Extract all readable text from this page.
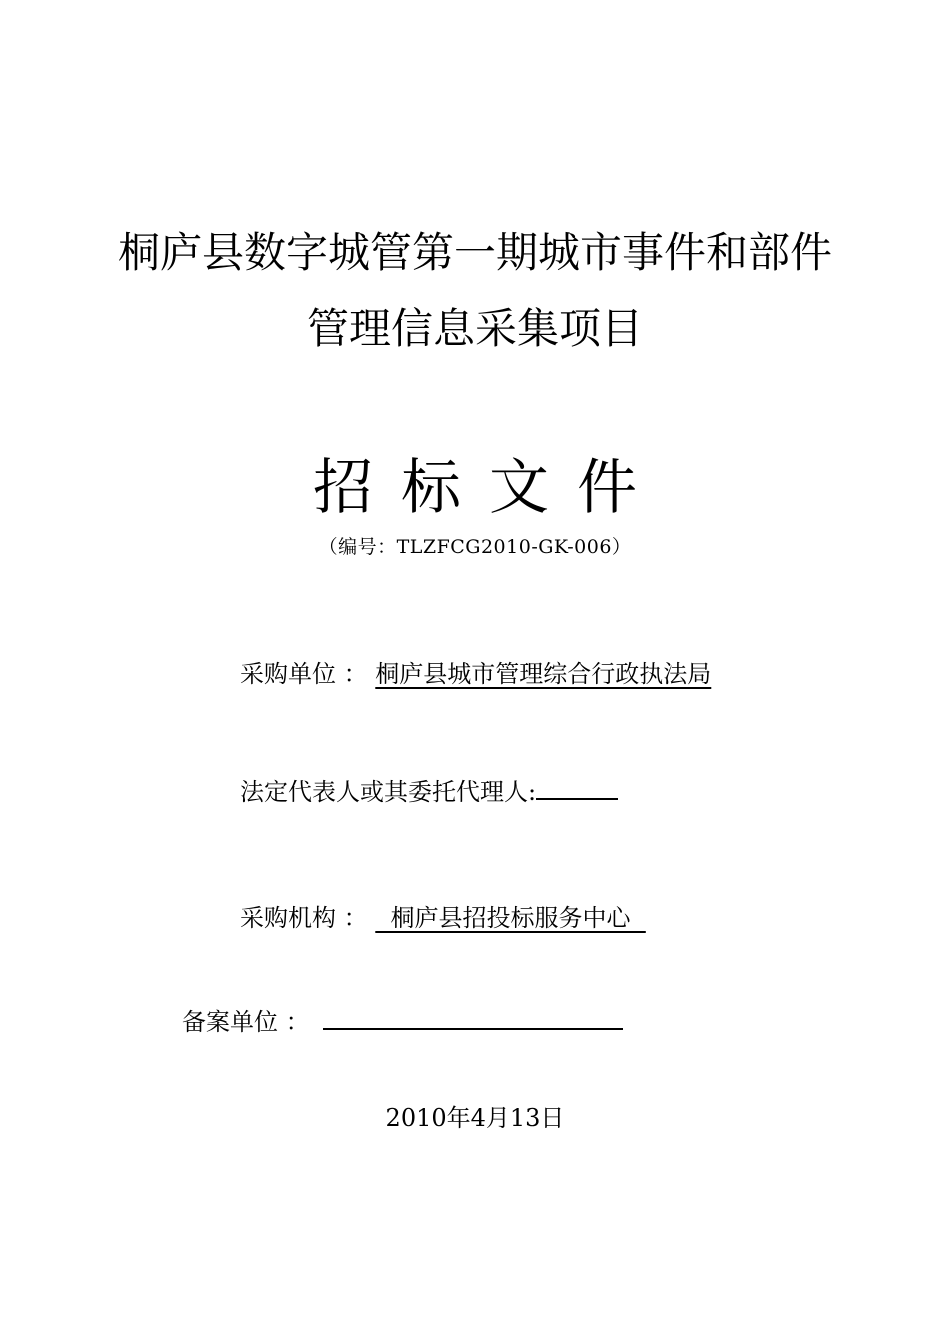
桐庐县数字城管第一期城市事件和部件
管理信息采集项目
招标文件
（编号：TLZFCG2010-GK-006）
采购单位 ： 桐庐县城市管理综合行政执法局
法定代表人或其委托代理人:
采购机构 ：   桐庐县招投标服务中心
备案单位 ：
2010年4月13日
